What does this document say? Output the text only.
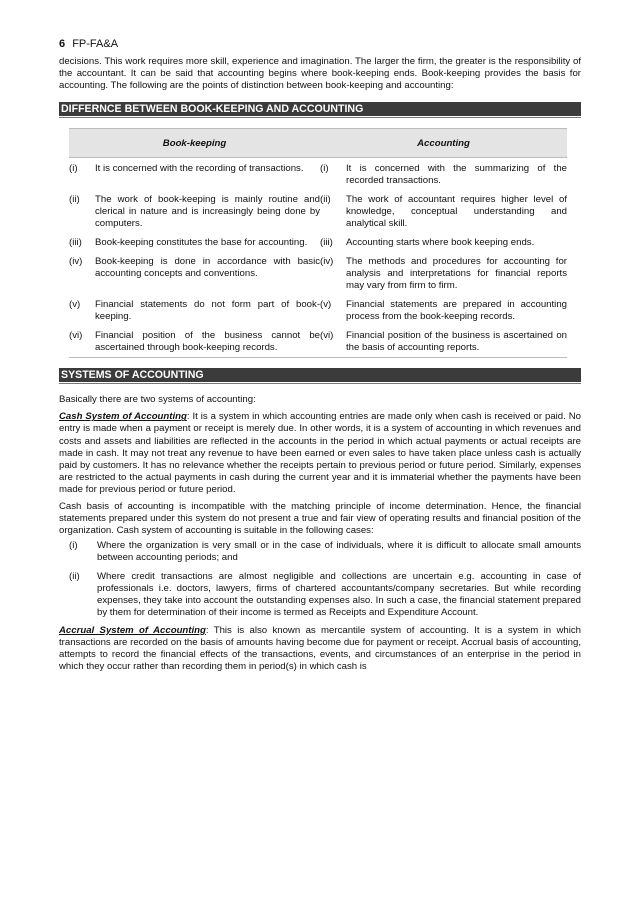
6 FP-FA&A

decisions. This work requires more skill, experience and imagination. The larger the firm, the greater is the responsibility of the accountant. It can be said that accounting begins where book-keeping ends. Book-keeping provides the basis for accounting. The following are the points of distinction between book-keeping and accounting:

DIFFERNCE BETWEEN BOOK-KEEPING AND ACCOUNTING
Book-keeping	Accounting

(i) It is concerned with the recording of transactions.	(i) It is concerned with the summarizing of the recorded transactions.

(ii) The work of book-keeping is mainly routine and clerical in nature and is increasingly being done by computers.	(ii) The work of accountant requires higher level of knowledge, conceptual understanding and analytical skill.

(iii) Book-keeping constitutes the base for accounting.	(iii) Accounting starts where book keeping ends.

(iv) Book-keeping is done in accordance with basic accounting concepts and conventions.	(iv) The methods and procedures for accounting for analysis and interpretations for financial reports may vary from firm to firm.

(v) Financial statements do not form part of book-keeping.	(v) Financial statements are prepared in accounting process from the book-keeping records.

(vi) Financial position of the business cannot be ascertained through book-keeping records.	(vi) Financial position of the business is ascertained on the basis of accounting reports.
SYSTEMS OF ACCOUNTING

Basically there are two systems of accounting:

Cash System of Accounting: It is a system in which accounting entries are made only when cash is received or paid. No entry is made when a payment or receipt is merely due. In other words, it is a system of accounting in which revenues and costs and assets and liabilities are reflected in the accounts in the period in which actual payments or actual receipts are made in cash. It may not treat any revenue to have been earned or even sales to have taken place unless cash is actually paid by customers. It has no relevance whether the receipts pertain to previous period or future period. Similarly, expenses are restricted to the actual payments in cash during the current year and it is immaterial whether the payments have been made for previous period or future period.

Cash basis of accounting is incompatible with the matching principle of income determination. Hence, the financial statements prepared under this system do not present a true and fair view of operating results and financial position of the organization. Cash system of accounting is suitable in the following cases:

(i)	Where the organization is very small or in the case of individuals, where it is difficult to allocate small amounts between accounting periods; and
(ii)	Where credit transactions are almost negligible and collections are uncertain e.g. accounting in case of professionals i.e. doctors, lawyers, firms of chartered accountants/company secretaries. But while recording expenses, they take into account the outstanding expenses also. In such a case, the financial statement prepared by them for determination of their income is termed as Receipts and Expenditure Account.

Accrual System of Accounting: This is also known as mercantile system of accounting. It is a system in which transactions are recorded on the basis of amounts having become due for payment or receipt. Accrual basis of accounting, attempts to record the financial effects of the transactions, events, and circumstances of an enterprise in the period in which they occur rather than recording them in period(s) in which cash is
